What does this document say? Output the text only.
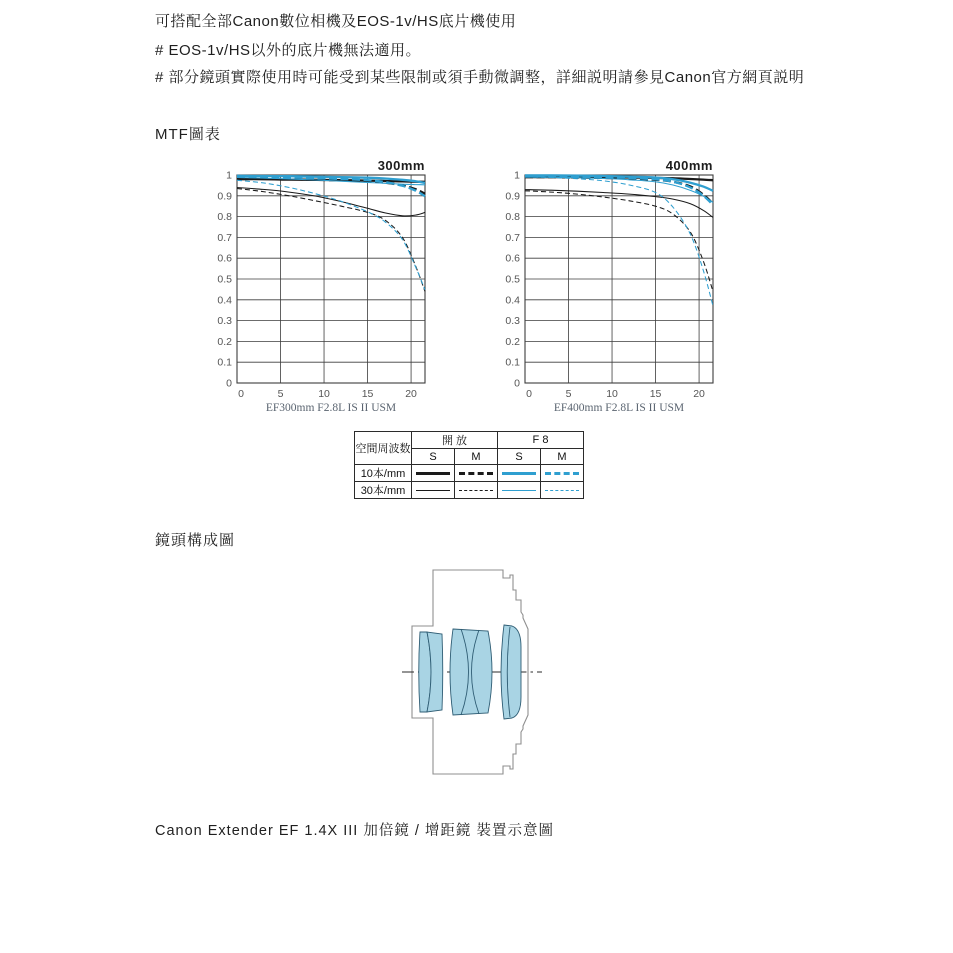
可搭配全部Canon數位相機及EOS-1v/HS底片機使用
# EOS-1v/HS以外的底片機無法適用。
# 部分鏡頭實際使用時可能受到某些限制或須手動微調整，詳細説明請參見Canon官方網頁説明
MTF圖表
0
0.1
0.2
0.3
0.4
0.5
0.6
0.7
0.8
0.9
1
0	5	10	15	20
300mm
EF300mm F2.8L IS II USM
0
0.1
0.2
0.3
0.4
0.5
0.6
0.7
0.8
0.9
1
0	5	10	15	20
400mm
EF400mm F2.8L IS II USM
空間周波数	開 放		F 8	
	S	M	S	M
10本/mm				
30本/mm				
鏡頭構成圖
Canon Extender EF 1.4X III 加倍鏡 / 增距鏡 裝置示意圖
